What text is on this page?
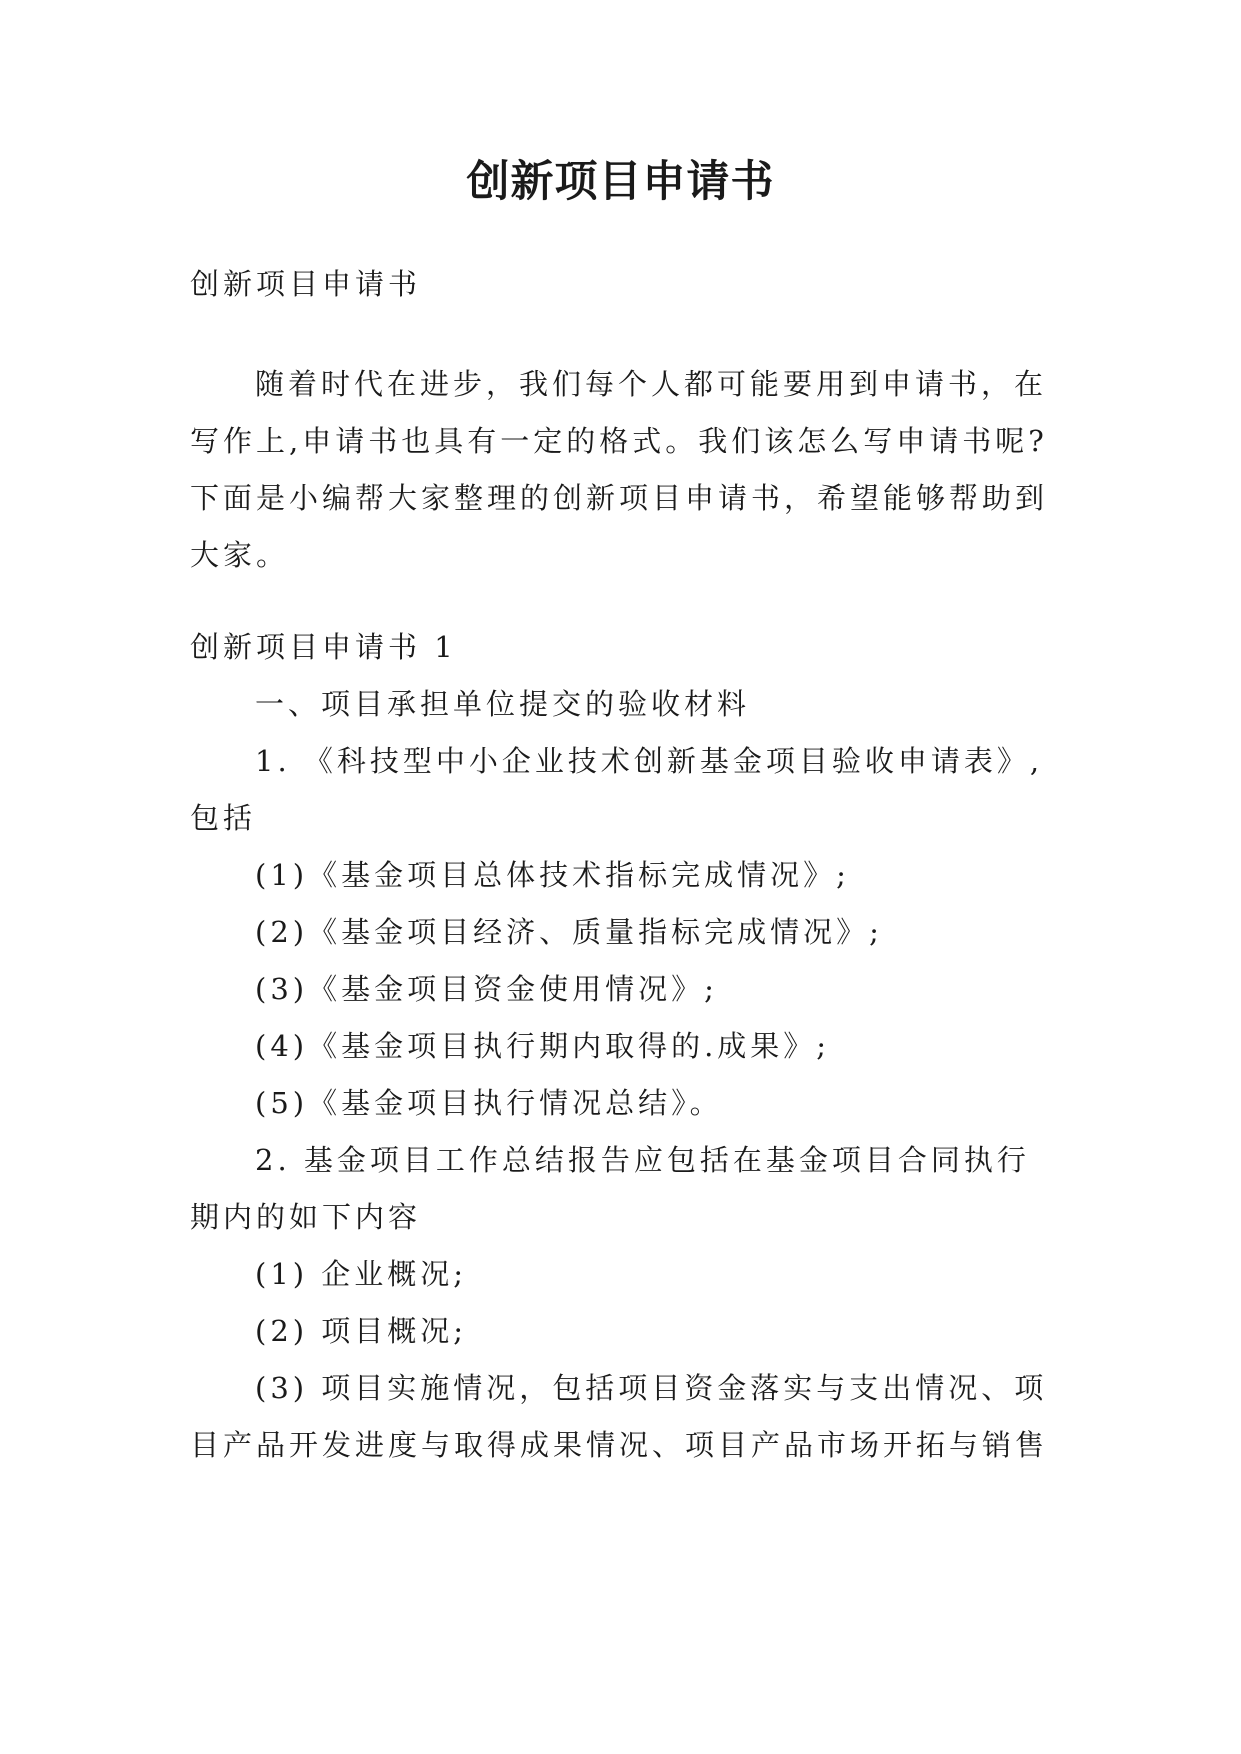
创新项目申请书

创新项目申请书

随着时代在进步，我们每个人都可能要用到申请书，在

写作上,申请书也具有一定的格式。我们该怎么写申请书呢?

下面是小编帮大家整理的创新项目申请书，希望能够帮助到

大家。

创新项目申请书 1

一、项目承担单位提交的验收材料

1. 《科技型中小企业技术创新基金项目验收申请表》,

包括

(1)《基金项目总体技术指标完成情况》;

(2)《基金项目经济、质量指标完成情况》;

(3)《基金项目资金使用情况》;

(4)《基金项目执行期内取得的.成果》;

(5)《基金项目执行情况总结》。

2. 基金项目工作总结报告应包括在基金项目合同执行

期内的如下内容

(1) 企业概况;

(2) 项目概况;

(3) 项目实施情况，包括项目资金落实与支出情况、项

目产品开发进度与取得成果情况、项目产品市场开拓与销售
